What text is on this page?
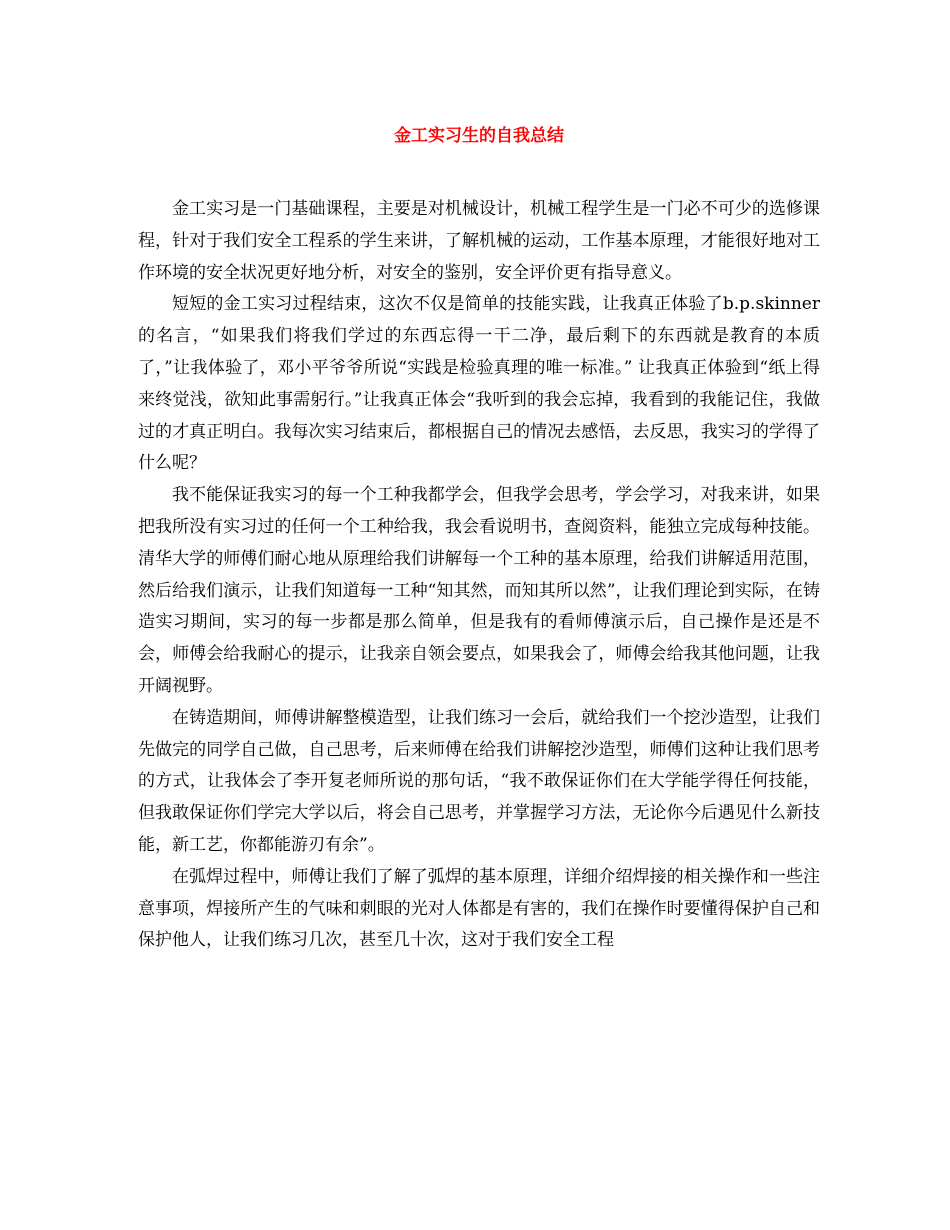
金工实习生的自我总结

金工实习是一门基础课程，主要是对机械设计，机械工程学生是一门必不可少的选修课程，针对于我们安全工程系的学生来讲，了解机械的运动，工作基本原理，才能很好地对工作环境的安全状况更好地分析，对安全的鉴别，安全评价更有指导意义。

短短的金工实习过程结束，这次不仅是简单的技能实践，让我真正体验了b.p.skinner的名言，“如果我们将我们学过的东西忘得一干二净，最后剩下的东西就是教育的本质了，”让我体验了，邓小平爷爷所说“实践是检验真理的唯一标准。” 让我真正体验到“纸上得来终觉浅，欲知此事需躬行。”让我真正体会“我听到的我会忘掉，我看到的我能记住，我做过的才真正明白。我每次实习结束后，都根据自己的情况去感悟，去反思，我实习的学得了什么呢？

我不能保证我实习的每一个工种我都学会，但我学会思考，学会学习，对我来讲，如果把我所没有实习过的任何一个工种给我，我会看说明书，查阅资料，能独立完成每种技能。清华大学的师傅们耐心地从原理给我们讲解每一个工种的基本原理，给我们讲解适用范围，然后给我们演示，让我们知道每一工种“知其然，而知其所以然”，让我们理论到实际，在铸造实习期间，实习的每一步都是那么简单，但是我有的看师傅演示后，自己操作是还是不会，师傅会给我耐心的提示，让我亲自领会要点，如果我会了，师傅会给我其他问题，让我开阔视野。

在铸造期间，师傅讲解整模造型，让我们练习一会后，就给我们一个挖沙造型，让我们先做完的同学自己做，自己思考，后来师傅在给我们讲解挖沙造型，师傅们这种让我们思考的方式，让我体会了李开复老师所说的那句话，“我不敢保证你们在大学能学得任何技能，但我敢保证你们学完大学以后，将会自己思考，并掌握学习方法，无论你今后遇见什么新技能，新工艺，你都能游刃有余”。

在弧焊过程中，师傅让我们了解了弧焊的基本原理，详细介绍焊接的相关操作和一些注意事项，焊接所产生的气味和刺眼的光对人体都是有害的，我们在操作时要懂得保护自己和保护他人，让我们练习几次，甚至几十次，这对于我们安全工程
